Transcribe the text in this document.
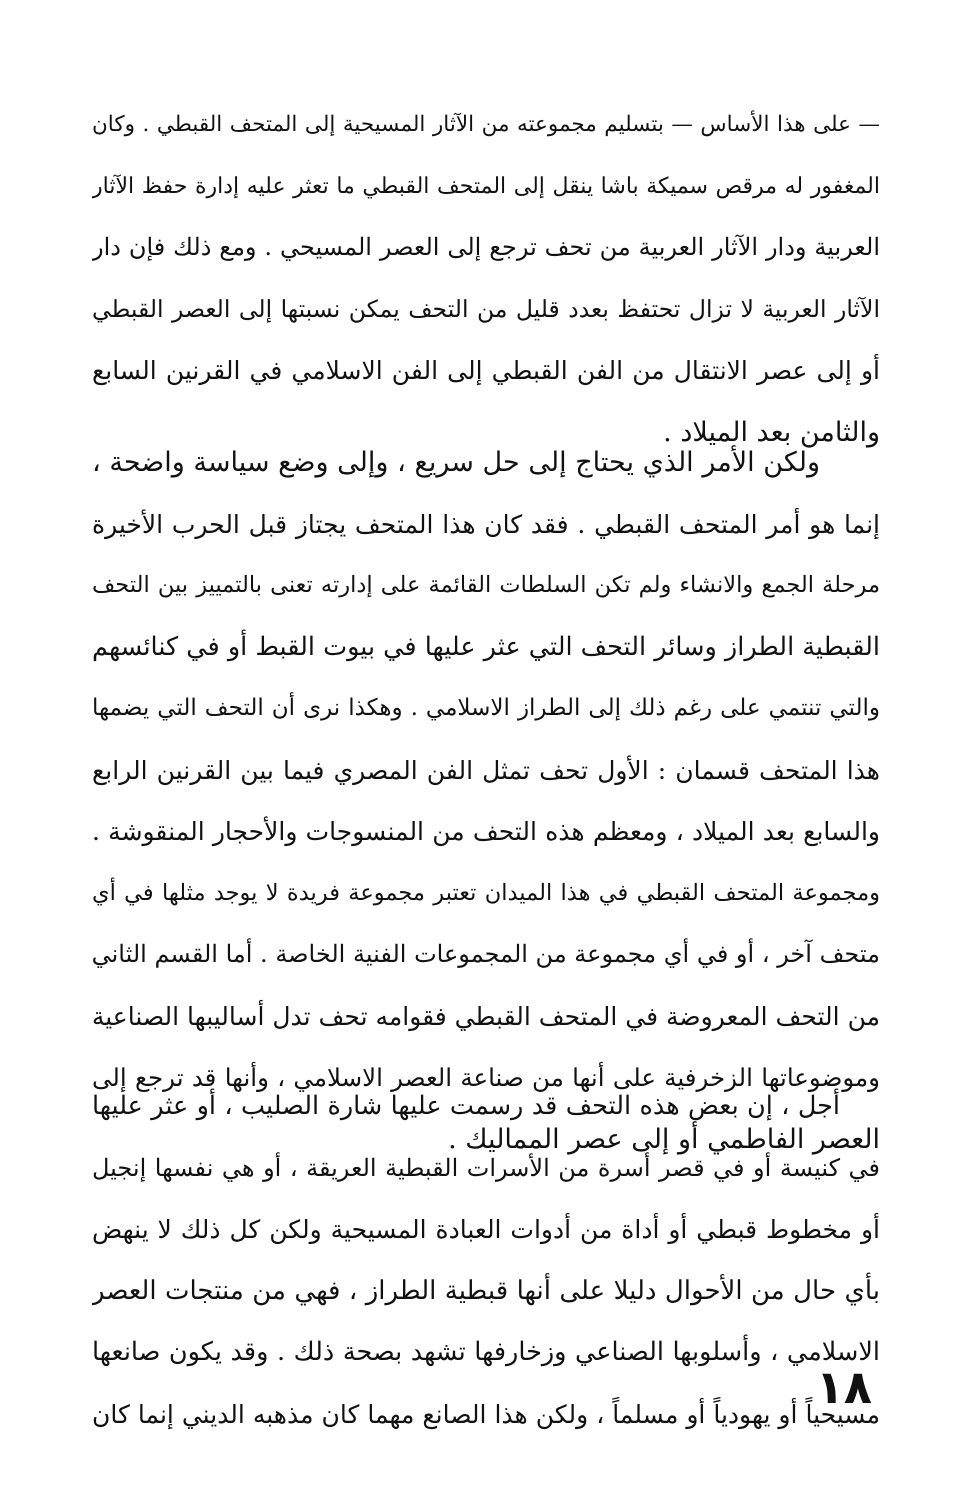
— على هذا الأساس — بتسليم مجموعته من الآثار المسيحية إلى المتحف القبطي . وكان
المغفور له مرقص سميكة باشا ينقل إلى المتحف القبطي ما تعثر عليه إدارة حفظ الآثار
العربية ودار الآثار العربية من تحف ترجع إلى العصر المسيحي . ومع ذلك فإن دار
الآثار العربية لا تزال تحتفظ بعدد قليل من التحف يمكن نسبتها إلى العصر القبطي
أو إلى عصر الانتقال من الفن القبطي إلى الفن الاسلامي في القرنين السابع
والثامن بعد الميلاد .
ولكن الأمر الذي يحتاج إلى حل سريع ، وإلى وضع سياسة واضحة ،
إنما هو أمر المتحف القبطي . فقد كان هذا المتحف يجتاز قبل الحرب الأخيرة
مرحلة الجمع والانشاء ولم تكن السلطات القائمة على إدارته تعنى بالتمييز بين التحف
القبطية الطراز وسائر التحف التي عثر عليها في بيوت القبط أو في كنائسهم
والتي تنتمي على رغم ذلك إلى الطراز الاسلامي . وهكذا نرى أن التحف التي يضمها
هذا المتحف قسمان : الأول تحف تمثل الفن المصري فيما بين القرنين الرابع
والسابع بعد الميلاد ، ومعظم هذه التحف من المنسوجات والأحجار المنقوشة .
ومجموعة المتحف القبطي في هذا الميدان تعتبر مجموعة فريدة لا يوجد مثلها في أي
متحف آخر ، أو في أي مجموعة من المجموعات الفنية الخاصة . أما القسم الثاني
من التحف المعروضة في المتحف القبطي فقوامه تحف تدل أساليبها الصناعية
وموضوعاتها الزخرفية على أنها من صناعة العصر الاسلامي ، وأنها قد ترجع إلى
العصر الفاطمي أو إلى عصر المماليك .
أجل ، إن بعض هذه التحف قد رسمت عليها شارة الصليب ، أو عثر عليها
في كنيسة أو في قصر أسرة من الأسرات القبطية العريقة ، أو هي نفسها إنجيل
أو مخطوط قبطي أو أداة من أدوات العبادة المسيحية ولكن كل ذلك لا ينهض
بأي حال من الأحوال دليلا على أنها قبطية الطراز ، فهي من منتجات العصر
الاسلامي ، وأسلوبها الصناعي وزخارفها تشهد بصحة ذلك . وقد يكون صانعها
مسيحياً أو يهودياً أو مسلماً ، ولكن هذا الصانع مهما كان مذهبه الديني إنما كان
١٨
